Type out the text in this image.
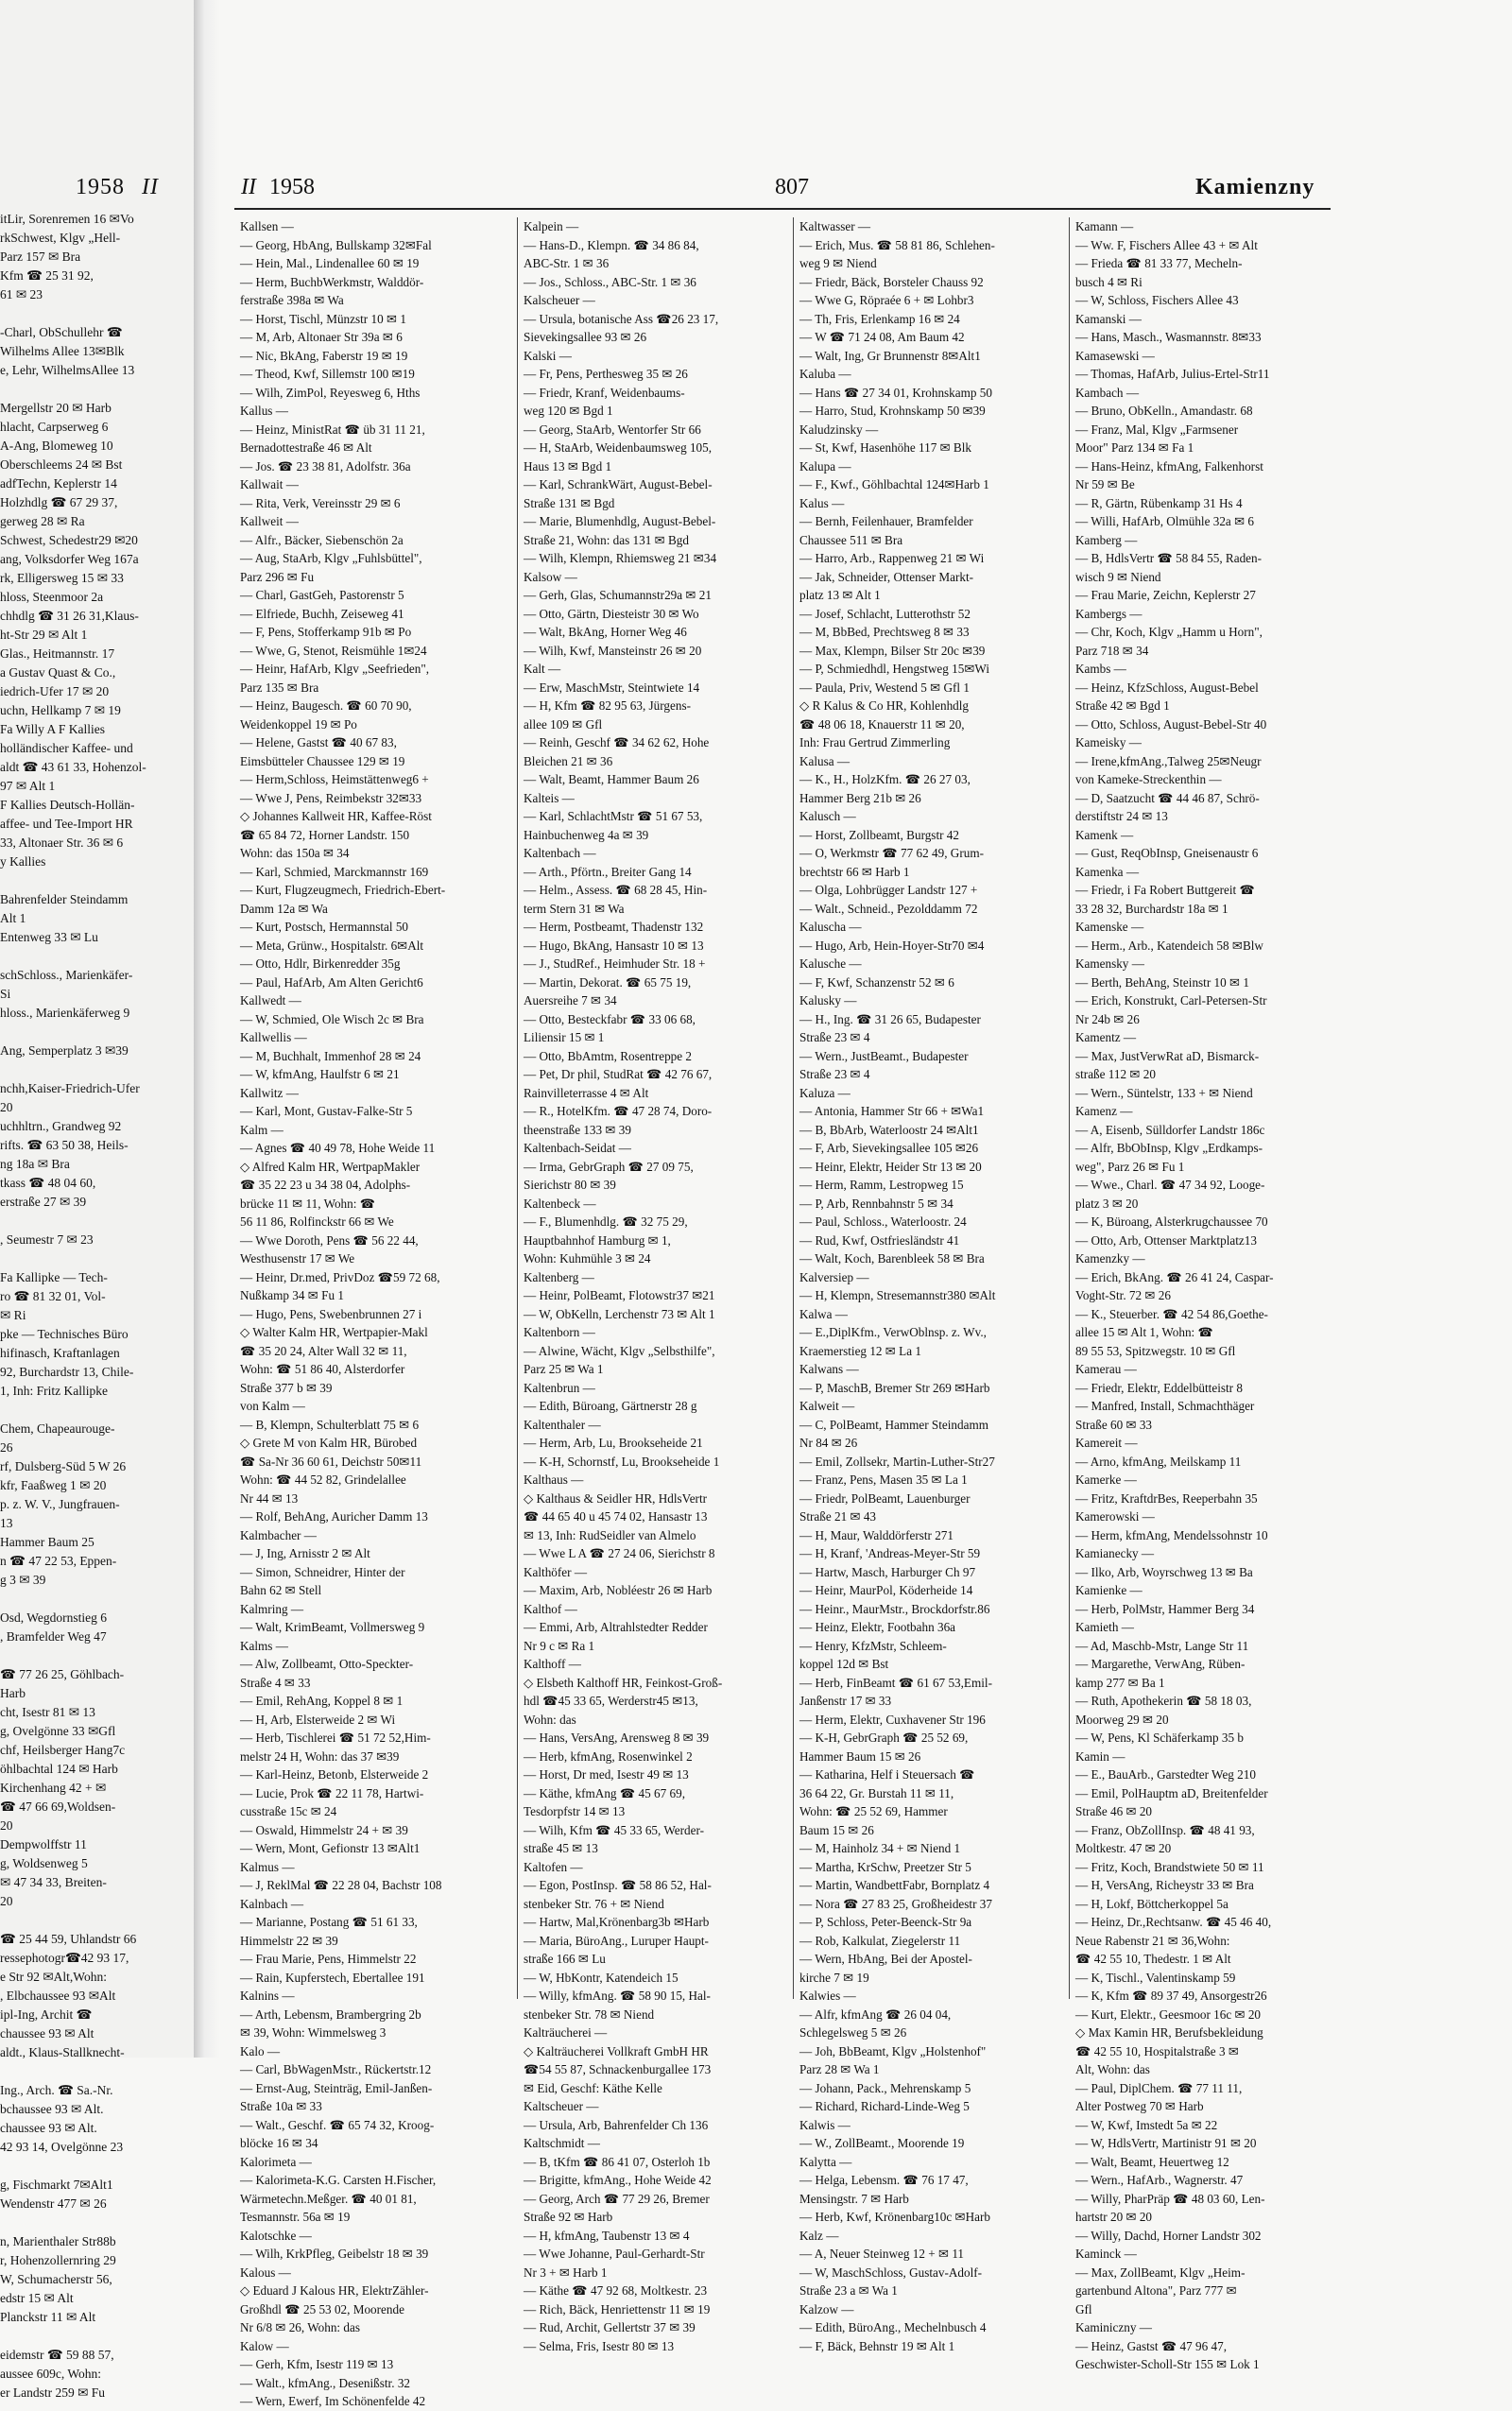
1958 II
itLir, Sorenremen 16 ✉Vo
rkSchwest, Klgv „Hell-
Parz 157 ✉ Bra
Kfm ☎ 25 31 92,
61 ✉ 23

-Charl, ObSchullehr ☎
Wilhelms Allee 13✉Blk
e, Lehr, WilhelmsAllee 13

Mergellstr 20 ✉ Harb
hlacht, Carpserweg 6
A-Ang, Blomeweg 10
Oberschleems 24 ✉ Bst
adfTechn, Keplerstr 14
Holzhdlg ☎ 67 29 37,
gerweg 28 ✉ Ra
Schwest, Schedestr29 ✉20
ang, Volksdorfer Weg 167a
rk, Elligersweg 15 ✉ 33
hloss, Steenmoor 2a
chhdlg ☎ 31 26 31,Klaus-
ht-Str 29 ✉ Alt 1
Glas., Heitmannstr. 17
a Gustav Quast & Co.,
iedrich-Ufer 17 ✉ 20
uchn, Hellkamp 7 ✉ 19
Fa Willy A F Kallies
holländischer Kaffee- und
aldt ☎ 43 61 33, Hohenzol-
97 ✉ Alt 1
F Kallies Deutsch-Hollän-
affee- und Tee-Import HR
33, Altonaer Str. 36 ✉ 6
y Kallies

Bahrenfelder Steindamm
Alt 1
Entenweg 33 ✉ Lu

schSchloss., Marienkäfer-
Si
hloss., Marienkäferweg 9

Ang, Semperplatz 3 ✉39

nchh,Kaiser-Friedrich-Ufer
20
uchhltrn., Grandweg 92
rifts. ☎ 63 50 38, Heils-
ng 18a ✉ Bra
tkass ☎ 48 04 60,
erstraße 27 ✉ 39

, Seumestr 7 ✉ 23

Fa Kallipke — Tech-
ro ☎ 81 32 01, Vol-
✉ Ri
pke — Technisches Büro
hifinasch, Kraftanlagen
92, Burchardstr 13, Chile-
1, Inh: Fritz Kallipke

Chem, Chapeaurouge-
26
rf, Dulsberg-Süd 5 W 26
kfr, Faaßweg 1 ✉ 20
p. z. W. V., Jungfrauen-
13
Hammer Baum 25
n ☎ 47 22 53, Eppen-
g 3 ✉ 39

Osd, Wegdornstieg 6
, Bramfelder Weg 47

☎ 77 26 25, Göhlbach-
Harb
cht, Isestr 81 ✉ 13
g, Ovelgönne 33 ✉Gfl
chf, Heilsberger Hang7c
öhlbachtal 124 ✉ Harb
Kirchenhang 42 + ✉
☎ 47 66 69,Woldsen-
20
Dempwolffstr 11
g, Woldsenweg 5
✉ 47 34 33, Breiten-
20

☎ 25 44 59, Uhlandstr 66
ressephotogr☎42 93 17,
e Str 92 ✉Alt,Wohn:
, Elbchaussee 93 ✉Alt
ipl-Ing, Archit ☎
chaussee 93 ✉ Alt
aldt., Klaus-Stallknecht-

Ing., Arch. ☎ Sa.-Nr.
bchaussee 93 ✉ Alt.
chaussee 93 ✉ Alt.
42 93 14, Ovelgönne 23

g, Fischmarkt 7✉Alt1
Wendenstr 477 ✉ 26

n, Marienthaler Str88b
r, Hohenzollernring 29
W, Schumacherstr 56,
edstr 15 ✉ Alt
Planckstr 11 ✉ Alt

eidemstr ☎ 59 88 57,
aussee 609c, Wohn:
er Landstr 259 ✉ Fu
II 1958	807	Kamienzny
Kallsen —
— Georg, HbAng, Bullskamp 32✉Fal
— Hein, Mal., Lindenallee 60 ✉ 19
— Herm, BuchbWerkmstr, Walddör-
ferstraße 398a ✉ Wa
— Horst, Tischl, Münzstr 10 ✉ 1
— M, Arb, Altonaer Str 39a ✉ 6
— Nic, BkAng, Faberstr 19 ✉ 19
— Theod, Kwf, Sillemstr 100 ✉19
— Wilh, ZimPol, Reyesweg 6, Hths
Kallus —
— Heinz, MinistRat ☎ üb 31 11 21,
Bernadottestraße 46 ✉ Alt
— Jos. ☎ 23 38 81, Adolfstr. 36a
Kallwait —
— Rita, Verk, Vereinsstr 29 ✉ 6
Kallweit —
— Alfr., Bäcker, Siebenschön 2a
— Aug, StaArb, Klgv „Fuhlsbüttel",
Parz 296 ✉ Fu
— Charl, GastGeh, Pastorenstr 5
— Elfriede, Buchh, Zeiseweg 41
— F, Pens, Stofferkamp 91b ✉ Po
— Wwe, G, Stenot, Reismühle 1✉24
— Heinr, HafArb, Klgv „Seefrieden",
Parz 135 ✉ Bra
— Heinz, Baugesch. ☎ 60 70 90,
Weidenkoppel 19 ✉ Po
— Helene, Gastst ☎ 40 67 83,
Eimsbütteler Chaussee 129 ✉ 19
— Herm,Schloss, Heimstättenweg6 +
— Wwe J, Pens, Reimbekstr 32✉33
◇ Johannes Kallweit HR, Kaffee-Röst
☎ 65 84 72, Horner Landstr. 150
Wohn: das 150a ✉ 34
— Karl, Schmied, Marckmannstr 169
— Kurt, Flugzeugmech, Friedrich-Ebert-
Damm 12a ✉ Wa
— Kurt, Postsch, Hermannstal 50
— Meta, Grünw., Hospitalstr. 6✉Alt
— Otto, Hdlr, Birkenredder 35g
— Paul, HafArb, Am Alten Gericht6
Kallwedt —
— W, Schmied, Ole Wisch 2c ✉ Bra
Kallwellis —
— M, Buchhalt, Immenhof 28 ✉ 24
— W, kfmAng, Haulfstr 6 ✉ 21
Kallwitz —
— Karl, Mont, Gustav-Falke-Str 5
Kalm —
— Agnes ☎ 40 49 78, Hohe Weide 11
◇ Alfred Kalm HR, WertpapMakler
☎ 35 22 23 u 34 38 04, Adolphs-
brücke 11 ✉ 11, Wohn: ☎
56 11 86, Rolfinckstr 66 ✉ We
— Wwe Doroth, Pens ☎ 56 22 44,
Westhusenstr 17 ✉ We
— Heinr, Dr.med, PrivDoz ☎59 72 68,
Nußkamp 34 ✉ Fu 1
— Hugo, Pens, Swebenbrunnen 27 i
◇ Walter Kalm HR, Wertpapier-Makl
☎ 35 20 24, Alter Wall 32 ✉ 11,
Wohn: ☎ 51 86 40, Alsterdorfer
Straße 377 b ✉ 39
von Kalm —
— B, Klempn, Schulterblatt 75 ✉ 6
◇ Grete M von Kalm HR, Bürobed
☎ Sa-Nr 36 60 61, Deichstr 50✉11
Wohn: ☎ 44 52 82, Grindelallee
Nr 44 ✉ 13
— Rolf, BehAng, Auricher Damm 13
Kalmbacher —
— J, Ing, Arnisstr 2 ✉ Alt
— Simon, Schneidrer, Hinter der
Bahn 62 ✉ Stell
Kalmring —
— Walt, KrimBeamt, Vollmersweg 9
Kalms —
— Alw, Zollbeamt, Otto-Speckter-
Straße 4 ✉ 33
— Emil, RehAng, Koppel 8 ✉ 1
— H, Arb, Elsterweide 2 ✉ Wi
— Herb, Tischlerei ☎ 51 72 52,Him-
melstr 24 H, Wohn: das 37 ✉39
— Karl-Heinz, Betonb, Elsterweide 2
— Lucie, Prok ☎ 22 11 78, Hartwi-
cusstraße 15c ✉ 24
— Oswald, Himmelstr 24 + ✉ 39
— Wern, Mont, Gefionstr 13 ✉Alt1
Kalmus —
— J, ReklMal ☎ 22 28 04, Bachstr 108
Kalnbach —
— Marianne, Postang ☎ 51 61 33,
Himmelstr 22 ✉ 39
— Frau Marie, Pens, Himmelstr 22
— Rain, Kupferstech, Ebertallee 191
Kalnins —
— Arth, Lebensm, Brambergring 2b
✉ 39, Wohn: Wimmelsweg 3
Kalo —
— Carl, BbWagenMstr., Rückertstr.12
— Ernst-Aug, Steinträg, Emil-Janßen-
Straße 10a ✉ 33
— Walt., Geschf. ☎ 65 74 32, Kroog-
blöcke 16 ✉ 34
Kalorimeta —
— Kalorimeta-K.G. Carsten H.Fischer,
Wärmetechn.Meßger. ☎ 40 01 81,
Tesmannstr. 56a ✉ 19
Kalotschke —
— Wilh, KrkPfleg, Geibelstr 18 ✉ 39
Kalous —
◇ Eduard J Kalous HR, ElektrZähler-
Großhdl ☎ 25 53 02, Moorende
Nr 6/8 ✉ 26, Wohn: das
Kalow —
— Gerh, Kfm, Isestr 119 ✉ 13
— Walt., kfmAng., Desenißstr. 32
— Wern, Ewerf, Im Schönenfelde 42
Kalpein —
— Hans-D., Klempn. ☎ 34 86 84,
ABC-Str. 1 ✉ 36
— Jos., Schloss., ABC-Str. 1 ✉ 36
Kalscheuer —
— Ursula, botanische Ass ☎26 23 17,
Sievekingsallee 93 ✉ 26
Kalski —
— Fr, Pens, Perthesweg 35 ✉ 26
— Friedr, Kranf, Weidenbaums-
weg 120 ✉ Bgd 1
— Georg, StaArb, Wentorfer Str 66
— H, StaArb, Weidenbaumsweg 105,
Haus 13 ✉ Bgd 1
— Karl, SchrankWärt, August-Bebel-
Straße 131 ✉ Bgd
— Marie, Blumenhdlg, August-Bebel-
Straße 21, Wohn: das 131 ✉ Bgd
— Wilh, Klempn, Rhiemsweg 21 ✉34
Kalsow —
— Gerh, Glas, Schumannstr29a ✉ 21
— Otto, Gärtn, Diesteistr 30 ✉ Wo
— Walt, BkAng, Horner Weg 46
— Wilh, Kwf, Mansteinstr 26 ✉ 20
Kalt —
— Erw, MaschMstr, Steintwiete 14
— H, Kfm ☎ 82 95 63, Jürgens-
allee 109 ✉ Gfl
— Reinh, Geschf ☎ 34 62 62, Hohe
Bleichen 21 ✉ 36
— Walt, Beamt, Hammer Baum 26
Kalteis —
— Karl, SchlachtMstr ☎ 51 67 53,
Hainbuchenweg 4a ✉ 39
Kaltenbach —
— Arth., Pförtn., Breiter Gang 14
— Helm., Assess. ☎ 68 28 45, Hin-
term Stern 31 ✉ Wa
— Herm, Postbeamt, Thadenstr 132
— Hugo, BkAng, Hansastr 10 ✉ 13
— J., StudRef., Heimhuder Str. 18 +
— Martin, Dekorat. ☎ 65 75 19,
Auersreihe 7 ✉ 34
— Otto, Besteckfabr ☎ 33 06 68,
Liliensir 15 ✉ 1
— Otto, BbAmtm, Rosentreppe 2
— Pet, Dr phil, StudRat ☎ 42 76 67,
Rainvilleterrasse 4 ✉ Alt
— R., HotelKfm. ☎ 47 28 74, Doro-
theenstraße 133 ✉ 39
Kaltenbach-Seidat —
— Irma, GebrGraph ☎ 27 09 75,
Sierichstr 80 ✉ 39
Kaltenbeck —
— F., Blumenhdlg. ☎ 32 75 29,
Hauptbahnhof Hamburg ✉ 1,
Wohn: Kuhmühle 3 ✉ 24
Kaltenberg —
— Heinr, PolBeamt, Flotowstr37 ✉21
— W, ObKelln, Lerchenstr 73 ✉ Alt 1
Kaltenborn —
— Alwine, Wächt, Klgv „Selbsthilfe",
Parz 25 ✉ Wa 1
Kaltenbrun —
— Edith, Büroang, Gärtnerstr 28 g
Kaltenthaler —
— Herm, Arb, Lu, Brookseheide 21
— K-H, Schornstf, Lu, Brookseheide 1
Kalthaus —
◇ Kalthaus & Seidler HR, HdlsVertr
☎ 44 65 40 u 45 74 02, Hansastr 13
✉ 13, Inh: RudSeidler van Almelo
— Wwe L A ☎ 27 24 06, Sierichstr 8
Kalthöfer —
— Maxim, Arb, Nobléestr 26 ✉ Harb
Kalthof —
— Emmi, Arb, Altrahlstedter Redder
Nr 9 c ✉ Ra 1
Kalthoff —
◇ Elsbeth Kalthoff HR, Feinkost-Groß-
hdl ☎45 33 65, Werderstr45 ✉13,
Wohn: das
— Hans, VersAng, Arensweg 8 ✉ 39
— Herb, kfmAng, Rosenwinkel 2
— Horst, Dr med, Isestr 49 ✉ 13
— Käthe, kfmAng ☎ 45 67 69,
Tesdorpfstr 14 ✉ 13
— Wilh, Kfm ☎ 45 33 65, Werder-
straße 45 ✉ 13
Kaltofen —
— Egon, PostInsp. ☎ 58 86 52, Hal-
stenbeker Str. 76 + ✉ Niend
— Hartw, Mal,Krönenbarg3b ✉Harb
— Maria, BüroAng., Luruper Haupt-
straße 166 ✉ Lu
— W, HbKontr, Katendeich 15
— Willy, kfmAng. ☎ 58 90 15, Hal-
stenbeker Str. 78 ✉ Niend
Kalträucherei —
◇ Kalträucherei Vollkraft GmbH HR
☎54 55 87, Schnackenburgallee 173
✉ Eid, Geschf: Käthe Kelle
Kaltscheuer —
— Ursula, Arb, Bahrenfelder Ch 136
Kaltschmidt —
— B, tKfm ☎ 86 41 07, Osterloh 1b
— Brigitte, kfmAng., Hohe Weide 42
— Georg, Arch ☎ 77 29 26, Bremer
Straße 92 ✉ Harb
— H, kfmAng, Taubenstr 13 ✉ 4
— Wwe Johanne, Paul-Gerhardt-Str
Nr 3 + ✉ Harb 1
— Käthe ☎ 47 92 68, Moltkestr. 23
— Rich, Bäck, Henriettenstr 11 ✉ 19
— Rud, Archit, Gellertstr 37 ✉ 39
— Selma, Fris, Isestr 80 ✉ 13
Kaltwasser —
— Erich, Mus. ☎ 58 81 86, Schlehen-
weg 9 ✉ Niend
— Friedr, Bäck, Borsteler Chauss 92
— Wwe G, Röpraée 6 + ✉ Lohbr3
— Th, Fris, Erlenkamp 16 ✉ 24
— W ☎ 71 24 08, Am Baum 42
— Walt, Ing, Gr Brunnenstr 8✉Alt1
Kaluba —
— Hans ☎ 27 34 01, Krohnskamp 50
— Harro, Stud, Krohnskamp 50 ✉39
Kaludzinsky —
— St, Kwf, Hasenhöhe 117 ✉ Blk
Kalupa —
— F., Kwf., Göhlbachtal 124✉Harb 1
Kalus —
— Bernh, Feilenhauer, Bramfelder
Chaussee 511 ✉ Bra
— Harro, Arb., Rappenweg 21 ✉ Wi
— Jak, Schneider, Ottenser Markt-
platz 13 ✉ Alt 1
— Josef, Schlacht, Lutterothstr 52
— M, BbBed, Prechtsweg 8 ✉ 33
— Max, Klempn, Bilser Str 20c ✉39
— P, Schmiedhdl, Hengstweg 15✉Wi
— Paula, Priv, Westend 5 ✉ Gfl 1
◇ R Kalus & Co HR, Kohlenhdlg
☎ 48 06 18, Knauerstr 11 ✉ 20,
Inh: Frau Gertrud Zimmerling
Kalusa —
— K., H., HolzKfm. ☎ 26 27 03,
Hammer Berg 21b ✉ 26
Kalusch —
— Horst, Zollbeamt, Burgstr 42
— O, Werkmstr ☎ 77 62 49, Grum-
brechtstr 66 ✉ Harb 1
— Olga, Lohbrügger Landstr 127 +
— Walt., Schneid., Pezolddamm 72
Kaluscha —
— Hugo, Arb, Hein-Hoyer-Str70 ✉4
Kalusche —
— F, Kwf, Schanzenstr 52 ✉ 6
Kalusky —
— H., Ing. ☎ 31 26 65, Budapester
Straße 23 ✉ 4
— Wern., JustBeamt., Budapester
Straße 23 ✉ 4
Kaluza —
— Antonia, Hammer Str 66 + ✉Wa1
— B, BbArb, Waterloostr 24 ✉Alt1
— F, Arb, Sievekingsallee 105 ✉26
— Heinr, Elektr, Heider Str 13 ✉ 20
— Herm, Ramm, Lestropweg 15
— P, Arb, Rennbahnstr 5 ✉ 34
— Paul, Schloss., Waterloostr. 24
— Rud, Kwf, Ostfriesländstr 41
— Walt, Koch, Barenbleek 58 ✉ Bra
Kalversiep —
— H, Klempn, Stresemannstr380 ✉Alt
Kalwa —
— E.,DiplKfm., VerwOblnsp. z. Wv.,
Kraemerstieg 12 ✉ La 1
Kalwans —
— P, MaschB, Bremer Str 269 ✉Harb
Kalweit —
— C, PolBeamt, Hammer Steindamm
Nr 84 ✉ 26
— Emil, Zollsekr, Martin-Luther-Str27
— Franz, Pens, Masen 35 ✉ La 1
— Friedr, PolBeamt, Lauenburger
Straße 21 ✉ 43
— H, Maur, Walddörferstr 271
— H, Kranf, 'Andreas-Meyer-Str 59
— Hartw, Masch, Harburger Ch 97
— Heinr, MaurPol, Köderheide 14
— Heinr., MaurMstr., Brockdorfstr.86
— Heinz, Elektr, Footbahn 36a
— Henry, KfzMstr, Schleem-
koppel 12d ✉ Bst
— Herb, FinBeamt ☎ 61 67 53,Emil-
Janßenstr 17 ✉ 33
— Herm, Elektr, Cuxhavener Str 196
— K-H, GebrGraph ☎ 25 52 69,
Hammer Baum 15 ✉ 26
— Katharina, Helf i Steuersach ☎
36 64 22, Gr. Burstah 11 ✉ 11,
Wohn: ☎ 25 52 69, Hammer
Baum 15 ✉ 26
— M, Hainholz 34 + ✉ Niend 1
— Martha, KrSchw, Preetzer Str 5
— Martin, WandbettFabr, Bornplatz 4
— Nora ☎ 27 83 25, Großheidestr 37
— P, Schloss, Peter-Beenck-Str 9a
— Rob, Kalkulat, Ziegelerstr 11
— Wern, HbAng, Bei der Apostel-
kirche 7 ✉ 19
Kalwies —
— Alfr, kfmAng ☎ 26 04 04,
Schlegelsweg 5 ✉ 26
— Joh, BbBeamt, Klgv „Holstenhof"
Parz 28 ✉ Wa 1
— Johann, Pack., Mehrenskamp 5
— Richard, Richard-Linde-Weg 5
Kalwis —
— W., ZollBeamt., Moorende 19
Kalytta —
— Helga, Lebensm. ☎ 76 17 47,
Mensingstr. 7 ✉ Harb
— Herb, Kwf, Krönenbarg10c ✉Harb
Kalz —
— A, Neuer Steinweg 12 + ✉ 11
— W, MaschSchloss, Gustav-Adolf-
Straße 23 a ✉ Wa 1
Kalzow —
— Edith, BüroAng., Mechelnbusch 4
— F, Bäck, Behnstr 19 ✉ Alt 1
Kamann —
— Ww. F, Fischers Allee 43 + ✉ Alt
— Frieda ☎ 81 33 77, Mecheln-
busch 4 ✉ Ri
— W, Schloss, Fischers Allee 43
Kamanski —
— Hans, Masch., Wasmannstr. 8✉33
Kamasewski —
— Thomas, HafArb, Julius-Ertel-Str11
Kambach —
— Bruno, ObKelln., Amandastr. 68
— Franz, Mal, Klgv „Farmsener
Moor" Parz 134 ✉ Fa 1
— Hans-Heinz, kfmAng, Falkenhorst
Nr 59 ✉ Be
— R, Gärtn, Rübenkamp 31 Hs 4
— Willi, HafArb, Olmühle 32a ✉ 6
Kamberg —
— B, HdlsVertr ☎ 58 84 55, Raden-
wisch 9 ✉ Niend
— Frau Marie, Zeichn, Keplerstr 27
Kambergs —
— Chr, Koch, Klgv „Hamm u Horn",
Parz 718 ✉ 34
Kambs —
— Heinz, KfzSchloss, August-Bebel
Straße 42 ✉ Bgd 1
— Otto, Schloss, August-Bebel-Str 40
Kameisky —
— Irene,kfmAng.,Talweg 25✉Neugr
von Kameke-Streckenthin —
— D, Saatzucht ☎ 44 46 87, Schrö-
derstiftstr 24 ✉ 13
Kamenk —
— Gust, ReqObInsp, Gneisenaustr 6
Kamenka —
— Friedr, i Fa Robert Buttgereit ☎
33 28 32, Burchardstr 18a ✉ 1
Kamenske —
— Herm., Arb., Katendeich 58 ✉Blw
Kamensky —
— Berth, BehAng, Steinstr 10 ✉ 1
— Erich, Konstrukt, Carl-Petersen-Str
Nr 24b ✉ 26
Kamentz —
— Max, JustVerwRat aD, Bismarck-
straße 112 ✉ 20
— Wern., Süntelstr, 133 + ✉ Niend
Kamenz —
— A, Eisenb, Sülldorfer Landstr 186c
— Alfr, BbObInsp, Klgv „Erdkamps-
weg", Parz 26 ✉ Fu 1
— Wwe., Charl. ☎ 47 34 92, Looge-
platz 3 ✉ 20
— K, Büroang, Alsterkrugchaussee 70
— Otto, Arb, Ottenser Marktplatz13
Kamenzky —
— Erich, BkAng. ☎ 26 41 24, Caspar-
Voght-Str. 72 ✉ 26
— K., Steuerber. ☎ 42 54 86,Goethe-
allee 15 ✉ Alt 1, Wohn: ☎
89 55 53, Spitzwegstr. 10 ✉ Gfl
Kamerau —
— Friedr, Elektr, Eddelbütteistr 8
— Manfred, Install, Schmachthäger
Straße 60 ✉ 33
Kamereit —
— Arno, kfmAng, Meilskamp 11
Kamerke —
— Fritz, KraftdrBes, Reeperbahn 35
Kamerowski —
— Herm, kfmAng, Mendelssohnstr 10
Kamianecky —
— Ilko, Arb, Woyrschweg 13 ✉ Ba
Kamienke —
— Herb, PolMstr, Hammer Berg 34
Kamieth —
— Ad, Maschb-Mstr, Lange Str 11
— Margarethe, VerwAng, Rüben-
kamp 277 ✉ Ba 1
— Ruth, Apothekerin ☎ 58 18 03,
Moorweg 29 ✉ 20
— W, Pens, Kl Schäferkamp 35 b
Kamin —
— E., BauArb., Garstedter Weg 210
— Emil, PolHauptm aD, Breitenfelder
Straße 46 ✉ 20
— Franz, ObZollInsp. ☎ 48 41 93,
Moltkestr. 47 ✉ 20
— Fritz, Koch, Brandstwiete 50 ✉ 11
— H, VersAng, Richeystr 33 ✉ Bra
— H, Lokf, Böttcherkoppel 5a
— Heinz, Dr.,Rechtsanw. ☎ 45 46 40,
Neue Rabenstr 21 ✉ 36,Wohn:
☎ 42 55 10, Thedestr. 1 ✉ Alt
— K, Tischl., Valentinskamp 59
— K, Kfm ☎ 89 37 49, Ansorgestr26
— Kurt, Elektr., Geesmoor 16c ✉ 20
◇ Max Kamin HR, Berufsbekleidung
☎ 42 55 10, Hospitalstraße 3 ✉
Alt, Wohn: das
— Paul, DiplChem. ☎ 77 11 11,
Alter Postweg 70 ✉ Harb
— W, Kwf, Imstedt 5a ✉ 22
— W, HdlsVertr, Martinistr 91 ✉ 20
— Walt, Beamt, Heuertweg 12
— Wern., HafArb., Wagnerstr. 47
— Willy, PharPräp ☎ 48 03 60, Len-
hartstr 20 ✉ 20
— Willy, Dachd, Horner Landstr 302
Kaminck —
— Max, ZollBeamt, Klgv „Heim-
gartenbund Altona", Parz 777 ✉
Gfl
Kaminiczny —
— Heinz, Gastst ☎ 47 96 47,
Geschwister-Scholl-Str 155 ✉ Lok 1
